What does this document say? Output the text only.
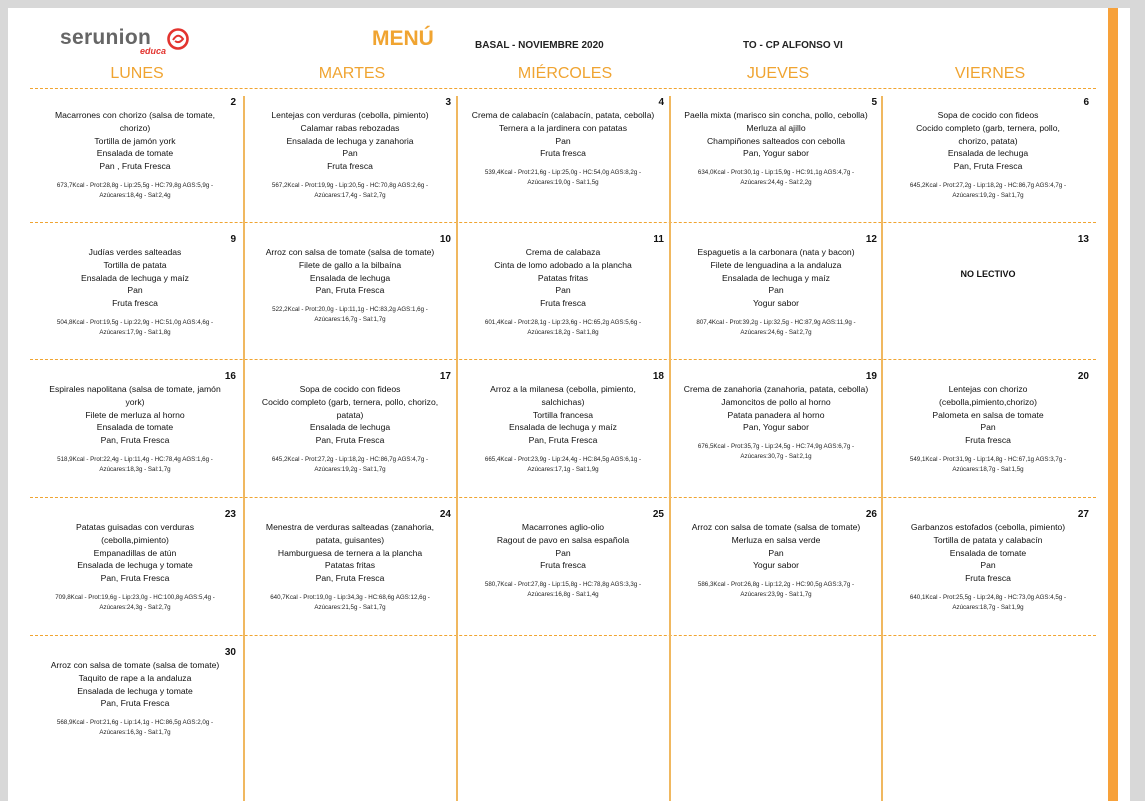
serunion
educa
MENÚ	BASAL - NOVIEMBRE 2020	TO - CP ALFONSO VI
LUNES	MARTES	MIÉRCOLES	JUEVES	VIERNES
2
Macarrones con chorizo (salsa de tomate,
chorizo)
Tortilla de jamón york
Ensalada de tomate
Pan , Fruta Fresca
673,7Kcal - Prot:28,8g - Lip:25,5g - HC:79,8g AGS:5,9g -
Azúcares:18,4g - Sal:2,4g
3
Lentejas con verduras (cebolla, pimiento)
Calamar rabas rebozadas
Ensalada de lechuga y zanahoria
Pan
Fruta fresca
567,2Kcal - Prot:19,9g - Lip:20,5g - HC:70,8g AGS:2,6g -
Azúcares:17,4g - Sal:2,7g
4
Crema de calabacín (calabacín, patata, cebolla)
Ternera a la jardinera con patatas
Pan
Fruta fresca
539,4Kcal - Prot:21,6g - Lip:25,0g - HC:54,0g AGS:8,2g -
Azúcares:19,0g - Sal:1,5g
5
Paella mixta (marisco sin concha, pollo, cebolla)
Merluza al ajillo
Champiñones salteados con cebolla
Pan, Yogur sabor
634,0Kcal - Prot:30,1g - Lip:15,9g - HC:91,1g AGS:4,7g -
Azúcares:24,4g - Sal:2,2g
6
Sopa de cocido con fideos
Cocido completo (garb, ternera, pollo,
chorizo, patata)
Ensalada de lechuga
Pan, Fruta Fresca
645,2Kcal - Prot:27,2g - Lip:18,2g - HC:86,7g AGS:4,7g -
Azúcares:19,2g - Sal:1,7g
9
Judías verdes salteadas
Tortilla de patata
Ensalada de lechuga y maíz
Pan
Fruta fresca
504,8Kcal - Prot:19,5g - Lip:22,9g - HC:51,0g AGS:4,6g -
Azúcares:17,9g - Sal:1,8g
10
Arroz con salsa de tomate (salsa de tomate)
Filete de gallo a la bilbaína
Ensalada de lechuga
Pan, Fruta Fresca
522,2Kcal - Prot:20,0g - Lip:11,1g - HC:83,2g AGS:1,6g -
Azúcares:16,7g - Sal:1,7g
11
Crema de calabaza
Cinta de lomo adobado a la plancha
Patatas fritas
Pan
Fruta fresca
601,4Kcal - Prot:28,1g - Lip:23,6g - HC:65,2g AGS:5,6g -
Azúcares:18,2g - Sal:1,8g
12
Espaguetis a la carbonara (nata y bacon)
Filete de lenguadina a la andaluza
Ensalada de lechuga y maíz
Pan
Yogur sabor
807,4Kcal - Prot:39,2g - Lip:32,5g - HC:87,9g AGS:11,9g -
Azúcares:24,6g - Sal:2,7g
13
NO LECTIVO
16
Espirales napolitana (salsa de tomate, jamón
york)
Filete de merluza al horno
Ensalada de tomate
Pan, Fruta Fresca
518,9Kcal - Prot:22,4g - Lip:11,4g - HC:78,4g AGS:1,6g -
Azúcares:18,3g - Sal:1,7g
17
Sopa de cocido con fideos
Cocido completo (garb, ternera, pollo, chorizo,
patata)
Ensalada de lechuga
Pan, Fruta Fresca
645,2Kcal - Prot:27,2g - Lip:18,2g - HC:86,7g AGS:4,7g -
Azúcares:19,2g - Sal:1,7g
18
Arroz a la milanesa (cebolla, pimiento,
salchichas)
Tortilla francesa
Ensalada de lechuga y maíz
Pan, Fruta Fresca
665,4Kcal - Prot:23,9g - Lip:24,4g - HC:84,5g AGS:6,1g -
Azúcares:17,1g - Sal:1,9g
19
Crema de zanahoria (zanahoria, patata, cebolla)
Jamoncitos de pollo al horno
Patata panadera al horno
Pan, Yogur sabor
676,5Kcal - Prot:35,7g - Lip:24,5g - HC:74,9g AGS:6,7g -
Azúcares:30,7g - Sal:2,1g
20
Lentejas con chorizo
(cebolla,pimiento,chorizo)
Palometa en salsa de tomate
Pan
Fruta fresca
549,1Kcal - Prot:31,9g - Lip:14,8g - HC:67,1g AGS:3,7g -
Azúcares:18,7g - Sal:1,5g
23
Patatas guisadas con verduras
(cebolla,pimiento)
Empanadillas de atún
Ensalada de lechuga y tomate
Pan, Fruta Fresca
709,8Kcal - Prot:19,6g - Lip:23,0g - HC:100,8g AGS:5,4g -
Azúcares:24,3g - Sal:2,7g
24
Menestra de verduras salteadas (zanahoria,
patata, guisantes)
Hamburguesa de ternera a la plancha
Patatas fritas
Pan, Fruta Fresca
640,7Kcal - Prot:19,0g - Lip:34,3g - HC:68,6g AGS:12,6g -
Azúcares:21,5g - Sal:1,7g
25
Macarrones aglio-olio
Ragout de pavo en salsa española
Pan
Fruta fresca
580,7Kcal - Prot:27,8g - Lip:15,8g - HC:78,8g AGS:3,3g -
Azúcares:16,8g - Sal:1,4g
26
Arroz con salsa de tomate (salsa de tomate)
Merluza en salsa verde
Pan
Yogur sabor
586,3Kcal - Prot:26,8g - Lip:12,2g - HC:90,5g AGS:3,7g -
Azúcares:23,9g - Sal:1,7g
27
Garbanzos estofados (cebolla, pimiento)
Tortilla de patata y calabacín
Ensalada de tomate
Pan
Fruta fresca
640,1Kcal - Prot:25,5g - Lip:24,8g - HC:73,0g AGS:4,5g -
Azúcares:18,7g - Sal:1,9g
30
Arroz con salsa de tomate (salsa de tomate)
Taquito de rape a la andaluza
Ensalada de lechuga y tomate
Pan, Fruta Fresca
568,9Kcal - Prot:21,6g - Lip:14,1g - HC:86,5g AGS:2,0g -
Azúcares:16,3g - Sal:1,7g
